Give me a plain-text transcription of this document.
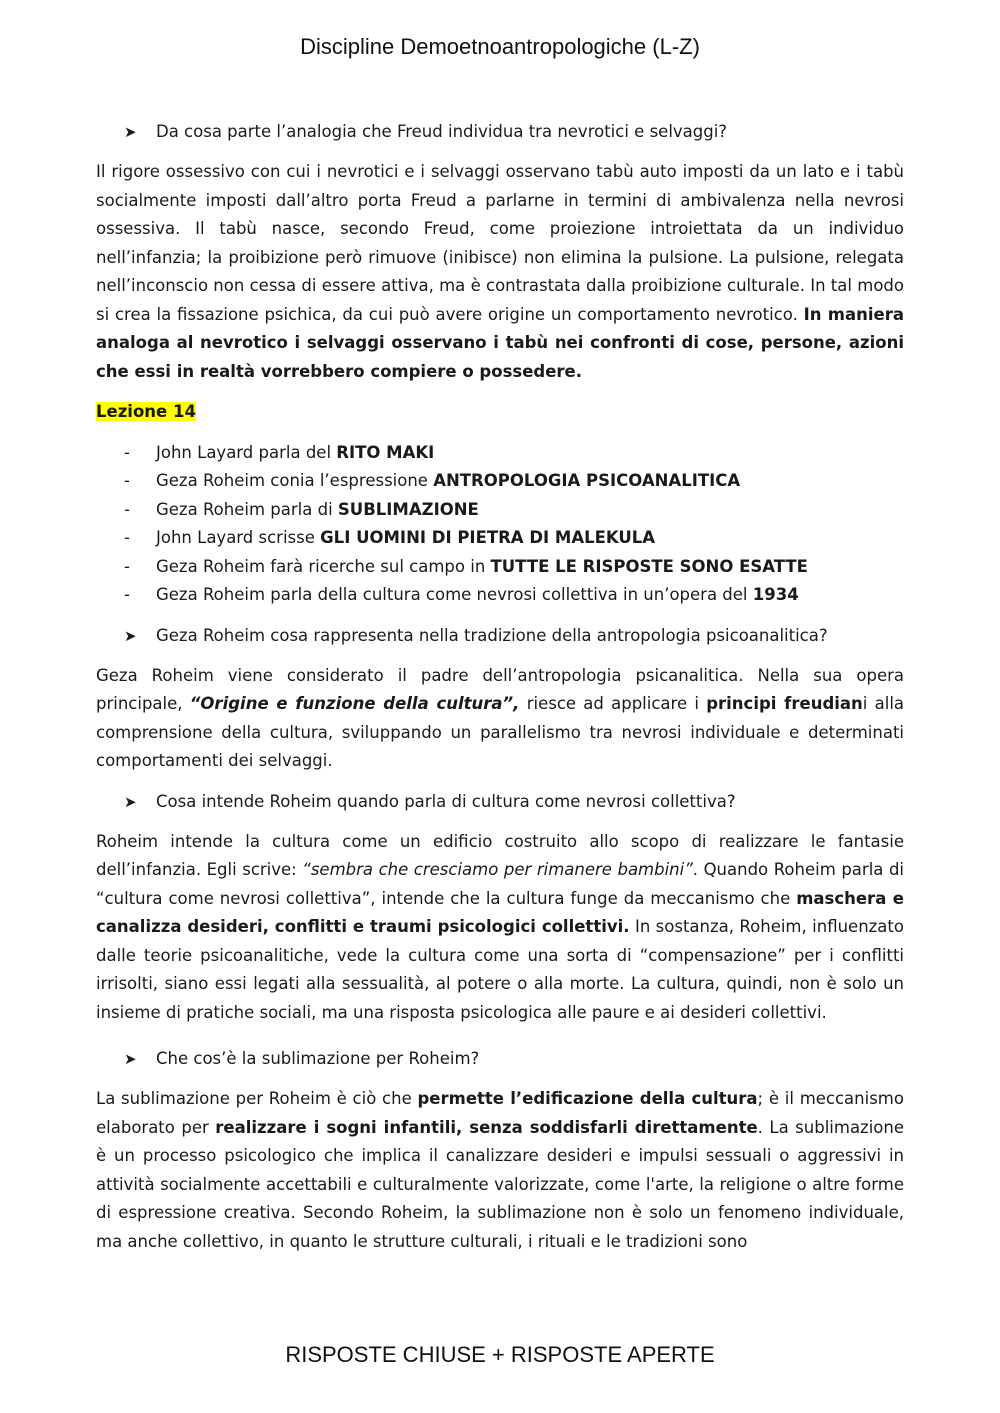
Discipline Demoetnoantropologiche (L-Z)
➤ Da cosa parte l’analogia che Freud individua tra nevrotici e selvaggi?

Il rigore ossessivo con cui i nevrotici e i selvaggi osservano tabù auto imposti da un lato e i tabù socialmente imposti dall’altro porta Freud a parlarne in termini di ambivalenza nella nevrosi ossessiva. Il tabù nasce, secondo Freud, come proiezione introiettata da un individuo nell’infanzia; la proibizione però rimuove (inibisce) non elimina la pulsione. La pulsione, relegata nell’inconscio non cessa di essere attiva, ma è contrastata dalla proibizione culturale. In tal modo si crea la fissazione psichica, da cui può avere origine un comportamento nevrotico. In maniera analoga al nevrotico i selvaggi osservano i tabù nei confronti di cose, persone, azioni che essi in realtà vorrebbero compiere o possedere.

Lezione 14
- John Layard parla del RITO MAKI
- Geza Roheim conia l’espressione ANTROPOLOGIA PSICOANALITICA
- Geza Roheim parla di SUBLIMAZIONE
- John Layard scrisse GLI UOMINI DI PIETRA DI MALEKULA
- Geza Roheim farà ricerche sul campo in TUTTE LE RISPOSTE SONO ESATTE
- Geza Roheim parla della cultura come nevrosi collettiva in un’opera del 1934
➤ Geza Roheim cosa rappresenta nella tradizione della antropologia psicoanalitica?

Geza Roheim viene considerato il padre dell’antropologia psicanalitica. Nella sua opera principale, “Origine e funzione della cultura”, riesce ad applicare i principi freudiani alla comprensione della cultura, sviluppando un parallelismo tra nevrosi individuale e determinati comportamenti dei selvaggi.

➤ Cosa intende Roheim quando parla di cultura come nevrosi collettiva?

Roheim intende la cultura come un edificio costruito allo scopo di realizzare le fantasie dell’infanzia. Egli scrive: “sembra che cresciamo per rimanere bambini”. Quando Roheim parla di “cultura come nevrosi collettiva”, intende che la cultura funge da meccanismo che maschera e canalizza desideri, conflitti e traumi psicologici collettivi. In sostanza, Roheim, influenzato dalle teorie psicoanalitiche, vede la cultura come una sorta di “compensazione” per i conflitti irrisolti, siano essi legati alla sessualità, al potere o alla morte. La cultura, quindi, non è solo un insieme di pratiche sociali, ma una risposta psicologica alle paure e ai desideri collettivi.

➤ Che cos’è la sublimazione per Roheim?

La sublimazione per Roheim è ciò che permette l’edificazione della cultura; è il meccanismo elaborato per realizzare i sogni infantili, senza soddisfarli direttamente. La sublimazione è un processo psicologico che implica il canalizzare desideri e impulsi sessuali o aggressivi in attività socialmente accettabili e culturalmente valorizzate, come l'arte, la religione o altre forme di espressione creativa. Secondo Roheim, la sublimazione non è solo un fenomeno individuale, ma anche collettivo, in quanto le strutture culturali, i rituali e le tradizioni sono

RISPOSTE CHIUSE + RISPOSTE APERTE
